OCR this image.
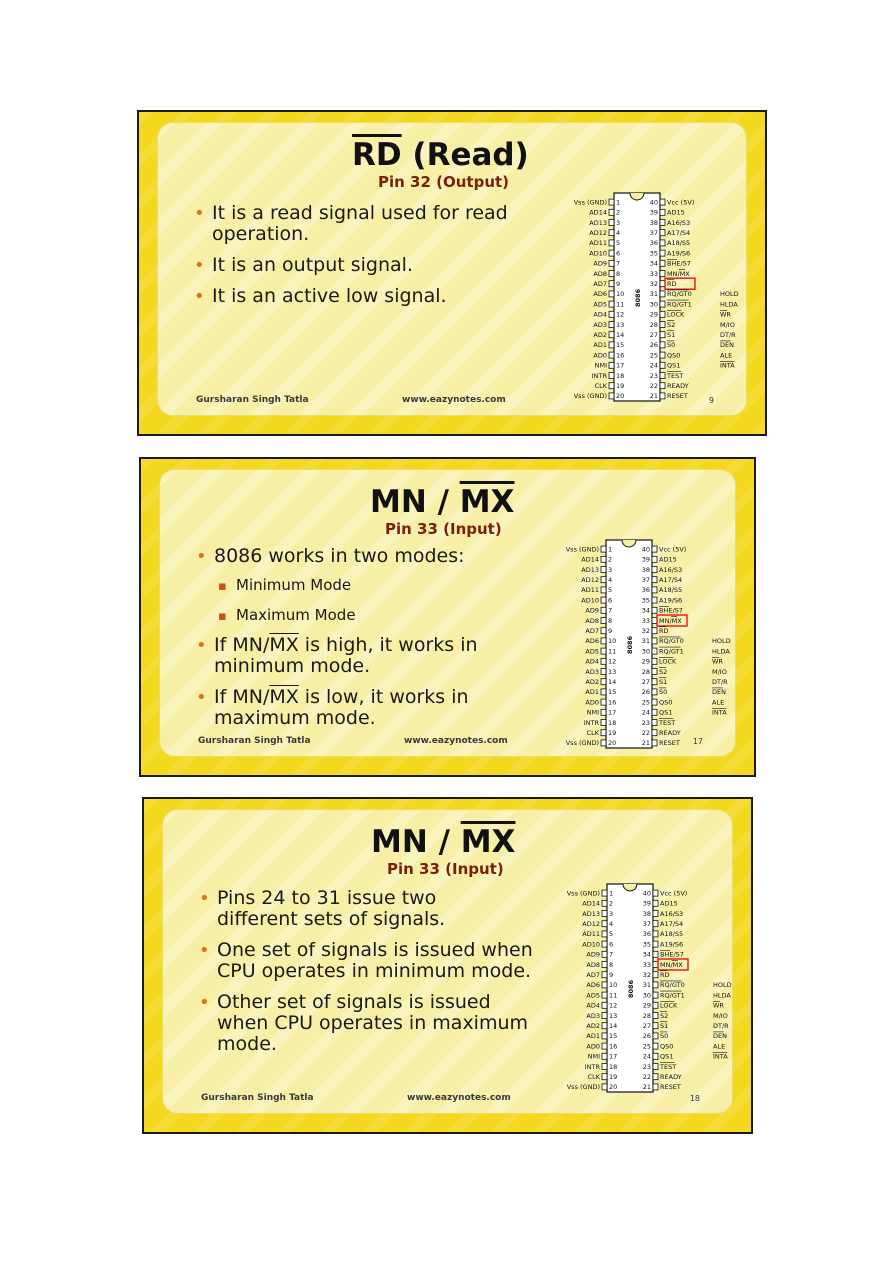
RD (Read)
Pin 32 (Output)
• It is a read signal used for read operation.
• It is an output signal.
• It is an active low signal.	8086
1
Vss (GND)	40 Vcc (5V)
2
AD14	39 AD15
3
AD13	38 A16/S3
4
AD12	37 A17/S4
5
AD11	36 A18/S5
6
AD10	35 A19/S6
7
AD9	34 BHE/S7
8
AD8	33 MN/MX
9
AD7	32 RD
10
AD6	31 RQ/GT0	HOLD
11
AD5	30 RQ/GT1	HLDA
12
AD4	29 LOCK	WR
13
AD3	28 S2	M/IO
14
AD2	27 S1	DT/R
15
AD1	26 S0	DEN
16
AD0	25 QS0	ALE
17
NMI	24 QS1	INTA
18
INTR	23 TEST
19
CLK	22 READY
20
Vss (GND)	21 RESET
Gursharan Singh Tatla	www.eazynotes.com	9
MN / MX
Pin 33 (Input)
• 8086 works in two modes:
▪ Minimum Mode
▪ Maximum Mode
• If $MN/\overline{MX}$ is high, it works in minimum mode.
• If $MN/\overline{MX}$ is low, it works in maximum mode.
8086
1
Vss (GND)	40 Vcc (5V)
2
AD14	39 AD15
3
AD13	38 A16/S3
4
AD12	37 A17/S4
5
AD11	36 A18/S5
6
AD10	35 A19/S6
7
AD9	34 BHE/S7
8
AD8	33 MN/MX
9
AD7	32 RD
10
AD6	31 RQ/GT0	HOLD
11
AD5	30 RQ/GT1	HLDA
12
AD4	29 LOCK	WR
13
AD3	28 S2	M/IO
14
AD2	27 S1	DT/R
15
AD1	26 S0	DEN
16
AD0	25 QS0	ALE
17
NMI	24 QS1	INTA
18
INTR	23 TEST
19
CLK	22 READY
20
Vss (GND)	21 RESET
Gursharan Singh Tatla	www.eazynotes.com	17
MN / MX
Pin 33 (Input)
• Pins 24 to 31 issue two different sets of signals.
• One set of signals is issued when CPU operates in minimum mode.
• Other set of signals is issued when CPU operates in maximum mode.
8086
1
Vss (GND)	40 Vcc (5V)
2
AD14	39 AD15
3
AD13	38 A16/S3
4
AD12	37 A17/S4
5
AD11	36 A18/S5
6
AD10	35 A19/S6
7
AD9	34 BHE/S7
8
AD8	33 MN/MX
9
AD7	32 RD
10
AD6	31 RQ/GT0	HOLD
11
AD5	30 RQ/GT1	HLDA
12
AD4	29 LOCK	WR
13
AD3	28 S2	M/IO
14
AD2	27 S1	DT/R
15
AD1	26 S0	DEN
16
AD0	25 QS0	ALE
17
NMI	24 QS1	INTA
18
INTR	23 TEST
19
CLK	22 READY
20
Vss (GND)	21 RESET
Gursharan Singh Tatla	www.eazynotes.com	18
